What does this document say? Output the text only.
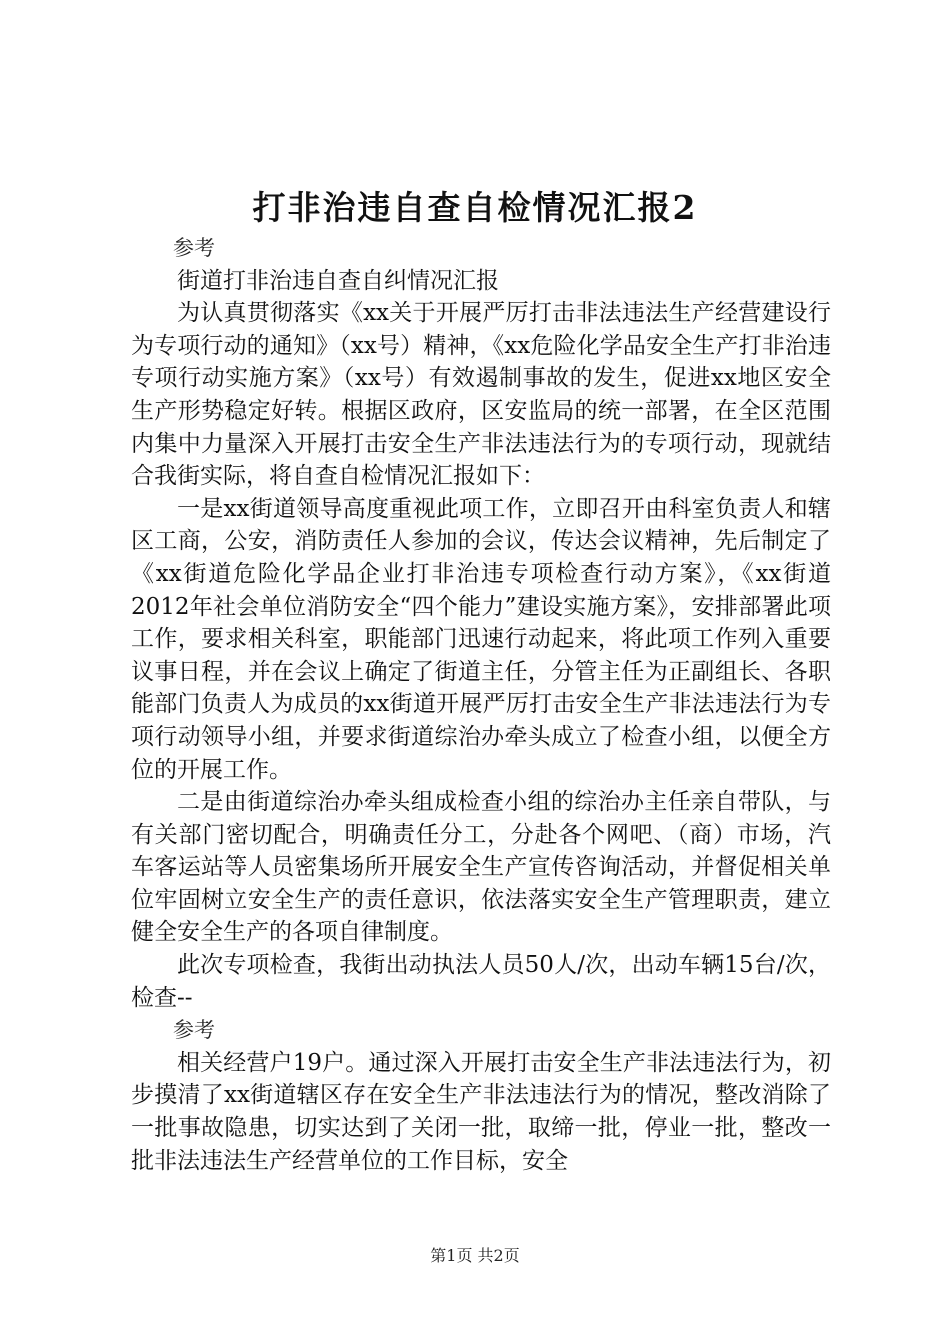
打非治违自查自检情况汇报2

参考

街道打非治违自查自纠情况汇报

为认真贯彻落实《xx关于开展严厉打击非法违法生产经营建设行为专项行动的通知》（xx号）精神，《xx危险化学品安全生产打非治违专项行动实施方案》（xx号）有效遏制事故的发生，促进xx地区安全生产形势稳定好转。根据区政府，区安监局的统一部署，在全区范围内集中力量深入开展打击安全生产非法违法行为的专项行动，现就结合我街实际，将自查自检情况汇报如下：

一是xx街道领导高度重视此项工作，立即召开由科室负责人和辖区工商，公安，消防责任人参加的会议，传达会议精神，先后制定了《xx街道危险化学品企业打非治违专项检查行动方案》，《xx街道2012年社会单位消防安全“四个能力”建设实施方案》，安排部署此项工作，要求相关科室，职能部门迅速行动起来，将此项工作列入重要议事日程，并在会议上确定了街道主任，分管主任为正副组长、各职能部门负责人为成员的xx街道开展严厉打击安全生产非法违法行为专项行动领导小组，并要求街道综治办牵头成立了检查小组，以便全方位的开展工作。

二是由街道综治办牵头组成检查小组的综治办主任亲自带队，与有关部门密切配合，明确责任分工，分赴各个网吧、（商）市场，汽车客运站等人员密集场所开展安全生产宣传咨询活动，并督促相关单位牢固树立安全生产的责任意识，依法落实安全生产管理职责，建立健全安全生产的各项自律制度。

此次专项检查，我街出动执法人员50人/次，出动车辆15台/次，检查--

参考

相关经营户19户。通过深入开展打击安全生产非法违法行为，初步摸清了xx街道辖区存在安全生产非法违法行为的情况，整改消除了一批事故隐患，切实达到了关闭一批，取缔一批，停业一批，整改一批非法违法生产经营单位的工作目标，安全

第1页 共2页
